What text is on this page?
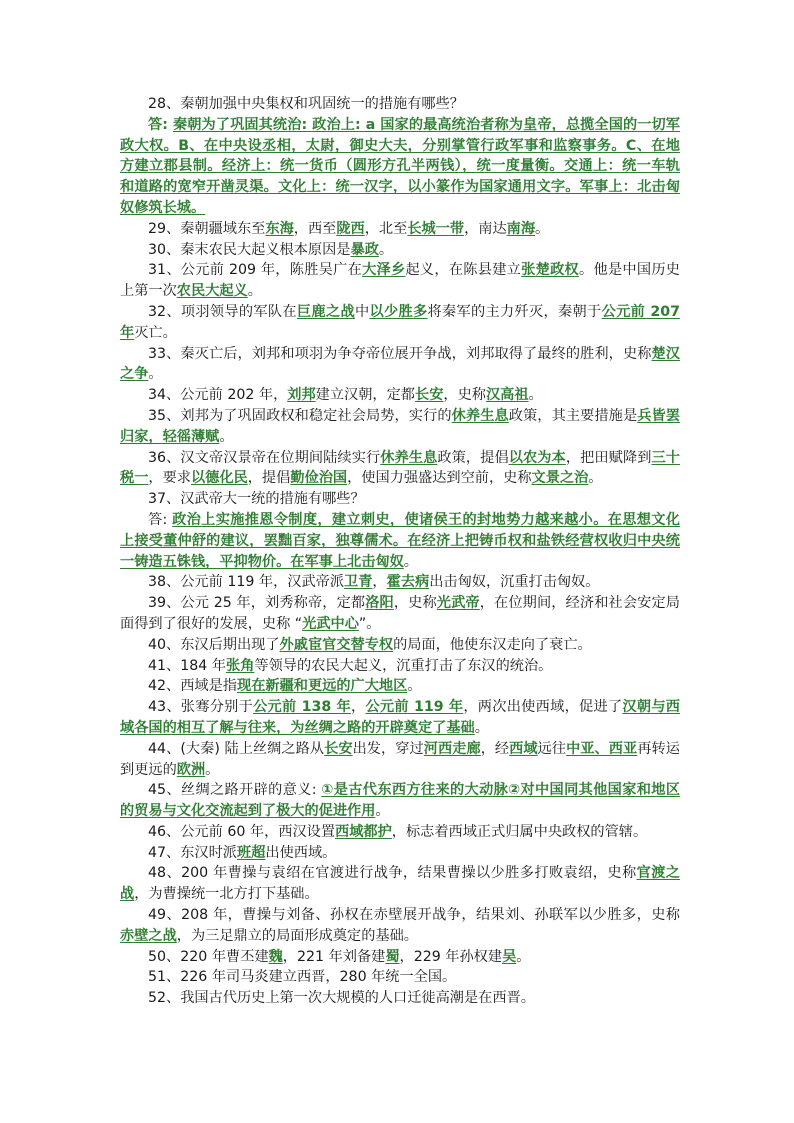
28、秦朝加强中央集权和巩固统一的措施有哪些？

答: 秦朝为了巩固其统治: 政治上: a 国家的最高统治者称为皇帝，总揽全国的一切军政大权。B、在中央设丞相，太尉，御史大夫，分别掌管行政军事和监察事务。C、在地方建立郡县制。经济上：统一货币（圆形方孔半两钱），统一度量衡。交通上：统一车轨和道路的宽窄开凿灵渠。文化上：统一汉字，以小篆作为国家通用文字。军事上：北击匈奴修筑长城。

29、秦朝疆域东至东海，西至陇西，北至长城一带，南达南海。

30、秦末农民大起义根本原因是暴政。

31、公元前 209 年，陈胜吴广在大泽乡起义，在陈县建立张楚政权。他是中国历史上第一次农民大起义。

32、项羽领导的军队在巨鹿之战中以少胜多将秦军的主力歼灭，秦朝于公元前 207 年灭亡。

33、秦灭亡后，刘邦和项羽为争夺帝位展开争战，刘邦取得了最终的胜利，史称楚汉之争。

34、公元前 202 年，刘邦建立汉朝，定都长安，史称汉高祖。

35、刘邦为了巩固政权和稳定社会局势，实行的休养生息政策，其主要措施是兵皆罢归家，轻徭薄赋。

36、汉文帝汉景帝在位期间陆续实行休养生息政策，提倡以农为本，把田赋降到三十税一，要求以德化民，提倡勤俭治国，使国力强盛达到空前，史称文景之治。

37、汉武帝大一统的措施有哪些？

答: 政治上实施推恩令制度，建立刺史，使诸侯王的封地势力越来越小。在思想文化上接受董仲舒的建议，罢黜百家，独尊儒术。在经济上把铸币权和盐铁经营权收归中央统一铸造五铢钱，平抑物价。在军事上北击匈奴。

38、公元前 119 年，汉武帝派卫青，霍去病出击匈奴，沉重打击匈奴。

39、公元 25 年，刘秀称帝，定都洛阳，史称光武帝，在位期间，经济和社会安定局面得到了很好的发展，史称 “光武中心”。

40、东汉后期出现了外戚宦官交替专权的局面，他使东汉走向了衰亡。

41、184 年张角等领导的农民大起义，沉重打击了东汉的统治。

42、西域是指现在新疆和更远的广大地区。

43、张骞分别于公元前 138 年，公元前 119 年，两次出使西域，促进了汉朝与西域各国的相互了解与往来，为丝绸之路的开辟奠定了基础。

44、(大秦) 陆上丝绸之路从长安出发，穿过河西走廊，经西域远往中亚、西亚再转运到更远的欧洲。

45、丝绸之路开辟的意义: ①是古代东西方往来的大动脉②对中国同其他国家和地区的贸易与文化交流起到了极大的促进作用。

46、公元前 60 年，西汉设置西域都护，标志着西域正式归属中央政权的管辖。

47、东汉时派班超出使西域。

48、200 年曹操与袁绍在官渡进行战争，结果曹操以少胜多打败袁绍，史称官渡之战，为曹操统一北方打下基础。

49、208 年，曹操与刘备、孙权在赤壁展开战争，结果刘、孙联军以少胜多，史称赤壁之战，为三足鼎立的局面形成奠定的基础。

50、220 年曹丕建魏，221 年刘备建蜀，229 年孙权建吴。

51、226 年司马炎建立西晋，280 年统一全国。

52、我国古代历史上第一次大规模的人口迁徙高潮是在西晋。
